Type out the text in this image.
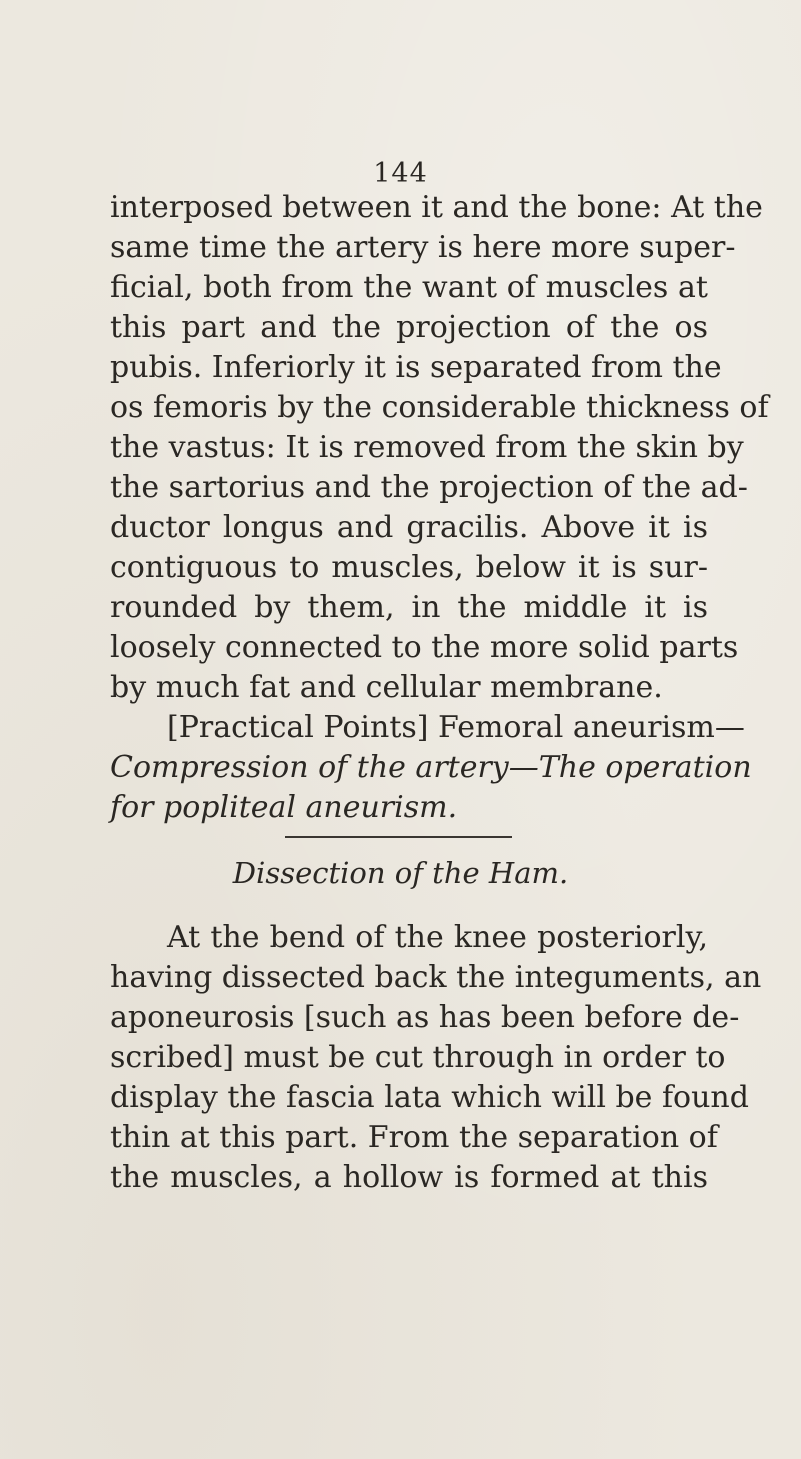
144
interposed between it and the bone: At the
same time the artery is here more super-
ficial, both from the want of muscles at
this part and the projection of the os
pubis. Inferiorly it is separated from the
os femoris by the considerable thickness of
the vastus: It is removed from the skin by
the sartorius and the projection of the ad-
ductor longus and gracilis. Above it is
contiguous to muscles, below it is sur-
rounded by them, in the middle it is
loosely connected to the more solid parts
by much fat and cellular membrane.
[Practical Points] Femoral aneurism—
Compression of the artery—The operation
for popliteal aneurism.
Dissection of the Ham.
At the bend of the knee posteriorly,
having dissected back the integuments, an
aponeurosis [such as has been before de-
scribed] must be cut through in order to
display the fascia lata which will be found
thin at this part. From the separation of
the muscles, a hollow is formed at this
